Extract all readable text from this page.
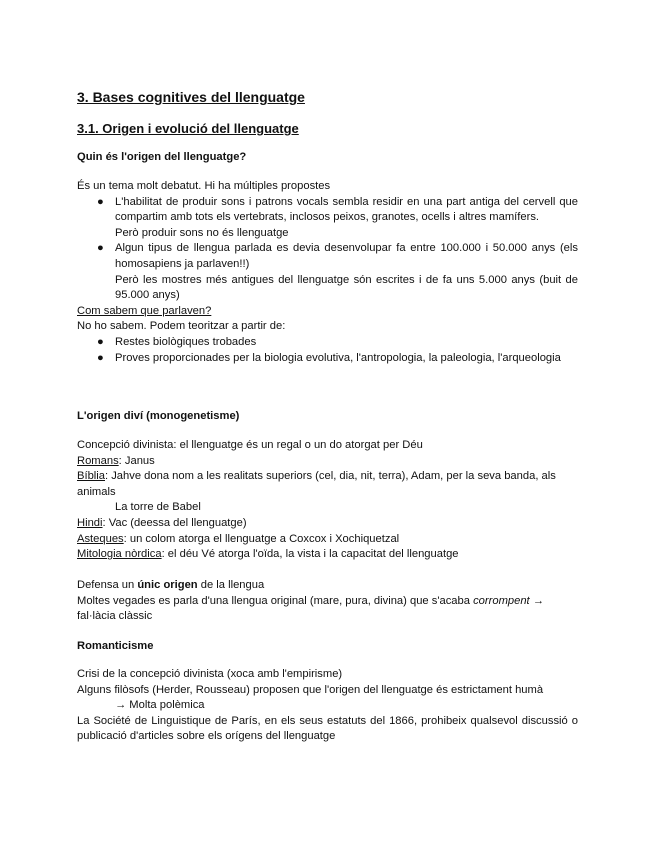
3. Bases cognitives del llenguatge
3.1. Origen i evolució del llenguatge

Quin és l'origen del llenguatge?

És un tema molt debatut. Hi ha múltiples propostes

● L'habilitat de produir sons i patrons vocals sembla residir en una part antiga del cervell que compartim amb tots els vertebrats, inclosos peixos, granotes, ocells i altres mamífers.
Però produir sons no és llenguatge
● Algun tipus de llengua parlada es devia desenvolupar fa entre 100.000 i 50.000 anys (els homosapiens ja parlaven!!)
Però les mostres més antigues del llenguatge són escrites i de fa uns 5.000 anys (buit de 95.000 anys)

Com sabem que parlaven?

No ho sabem. Podem teoritzar a partir de:

● Restes biològiques trobades
● Proves proporcionades per la biologia evolutiva, l'antropologia, la paleologia, l'arqueologia

L'origen diví (monogenetisme)

Concepció divinista: el llenguatge és un regal o un do atorgat per Déu

Romans: Janus

Bíblia: Jahve dona nom a les realitats superiors (cel, dia, nit, terra), Adam, per la seva banda, als animals

La torre de Babel

Hindi: Vac (deessa del llenguatge)

Asteques: un colom atorga el llenguatge a Coxcox i Xochiquetzal

Mitologia nòrdica: el déu Vé atorga l'oïda, la vista i la capacitat del llenguatge

Defensa un únic origen de la llengua

Moltes vegades es parla d'una llengua original (mare, pura, divina) que s'acaba corrompent → fal·làcia clàssic

Romanticisme

Crisi de la concepció divinista (xoca amb l'empirisme)

Alguns filòsofs (Herder, Rousseau) proposen que l'origen del llenguatge és estrictament humà

→ Molta polèmica

La Société de Linguistique de París, en els seus estatuts del 1866, prohibeix qualsevol discussió o publicació d'articles sobre els orígens del llenguatge
